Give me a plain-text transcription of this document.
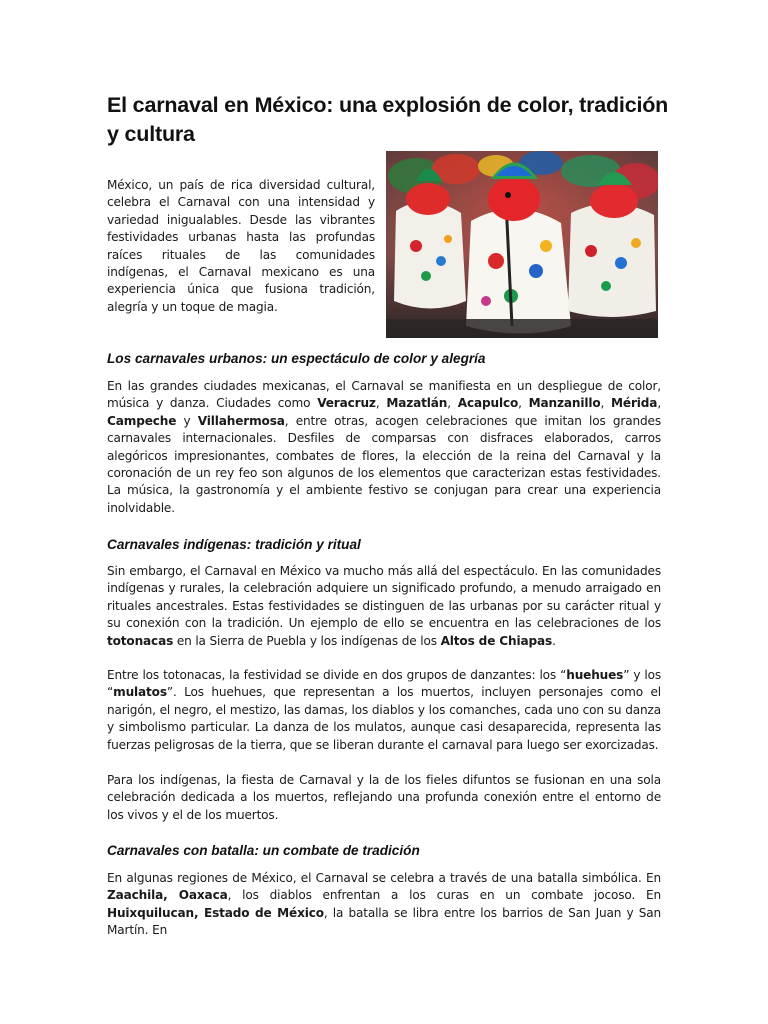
El carnaval en México: una explosión de color, tradición y cultura

México, un país de rica diversidad cultural, celebra el Carnaval con una intensidad y variedad inigualables. Desde las vibrantes festividades urbanas hasta las profundas raíces rituales de las comunidades indígenas, el Carnaval mexicano es una experiencia única que fusiona tradición, alegría y un toque de magia.

Los carnavales urbanos: un espectáculo de color y alegría

En las grandes ciudades mexicanas, el Carnaval se manifiesta en un despliegue de color, música y danza. Ciudades como Veracruz, Mazatlán, Acapulco, Manzanillo, Mérida, Campeche y Villahermosa, entre otras, acogen celebraciones que imitan los grandes carnavales internacionales. Desfiles de comparsas con disfraces elaborados, carros alegóricos impresionantes, combates de flores, la elección de la reina del Carnaval y la coronación de un rey feo son algunos de los elementos que caracterizan estas festividades. La música, la gastronomía y el ambiente festivo se conjugan para crear una experiencia inolvidable.

Carnavales indígenas: tradición y ritual

Sin embargo, el Carnaval en México va mucho más allá del espectáculo. En las comunidades indígenas y rurales, la celebración adquiere un significado profundo, a menudo arraigado en rituales ancestrales. Estas festividades se distinguen de las urbanas por su carácter ritual y su conexión con la tradición. Un ejemplo de ello se encuentra en las celebraciones de los totonacas en la Sierra de Puebla y los indígenas de los Altos de Chiapas.

Entre los totonacas, la festividad se divide en dos grupos de danzantes: los “huehues” y los “mulatos”. Los huehues, que representan a los muertos, incluyen personajes como el narigón, el negro, el mestizo, las damas, los diablos y los comanches, cada uno con su danza y simbolismo particular. La danza de los mulatos, aunque casi desaparecida, representa las fuerzas peligrosas de la tierra, que se liberan durante el carnaval para luego ser exorcizadas.

Para los indígenas, la fiesta de Carnaval y la de los fieles difuntos se fusionan en una sola celebración dedicada a los muertos, reflejando una profunda conexión entre el entorno de los vivos y el de los muertos.

Carnavales con batalla: un combate de tradición

En algunas regiones de México, el Carnaval se celebra a través de una batalla simbólica. En Zaachila, Oaxaca, los diablos enfrentan a los curas en un combate jocoso. En Huixquilucan, Estado de México, la batalla se libra entre los barrios de San Juan y San Martín. En
